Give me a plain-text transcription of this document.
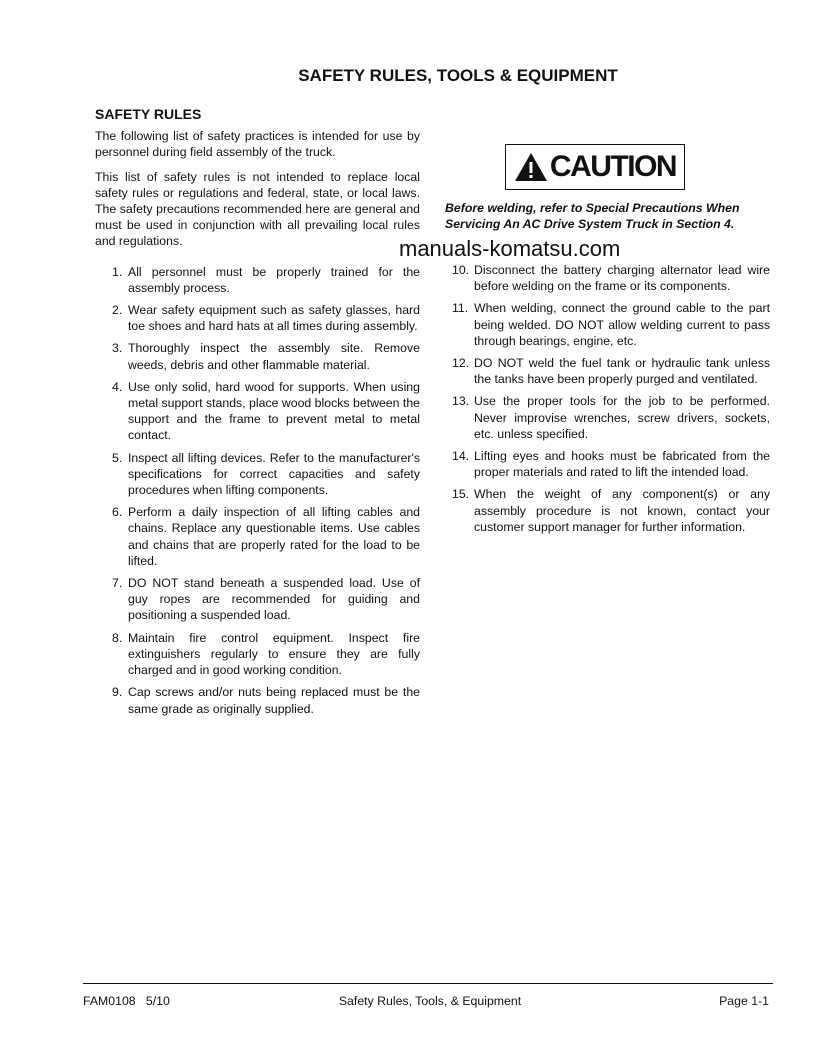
SAFETY RULES, TOOLS & EQUIPMENT
SAFETY RULES

The following list of safety practices is intended for use by personnel during field assembly of the truck.

This list of safety rules is not intended to replace local safety rules or regulations and federal, state, or local laws. The safety precautions recommended here are general and must be used in conjunction with all prevailing local rules and regulations.

1. All personnel must be properly trained for the assembly process.
2. Wear safety equipment such as safety glasses, hard toe shoes and hard hats at all times during assembly.
3. Thoroughly inspect the assembly site. Remove weeds, debris and other flammable material.
4. Use only solid, hard wood for supports. When using metal support stands, place wood blocks between the support and the frame to prevent metal to metal contact.
5. Inspect all lifting devices. Refer to the manufacturer's specifications for correct capacities and safety procedures when lifting components.
6. Perform a daily inspection of all lifting cables and chains. Replace any questionable items. Use cables and chains that are properly rated for the load to be lifted.
7. DO NOT stand beneath a suspended load. Use of guy ropes are recommended for guiding and positioning a suspended load.
8. Maintain fire control equipment. Inspect fire extinguishers regularly to ensure they are fully charged and in good working condition.
9. Cap screws and/or nuts being replaced must be the same grade as originally supplied.
CAUTION
Before welding, refer to Special Precautions When Servicing An AC Drive System Truck in Section 4.
manuals-komatsu.com
10. Disconnect the battery charging alternator lead wire before welding on the frame or its components.
11. When welding, connect the ground cable to the part being welded. DO NOT allow welding current to pass through bearings, engine, etc.
12. DO NOT weld the fuel tank or hydraulic tank unless the tanks have been properly purged and ventilated.
13. Use the proper tools for the job to be performed. Never improvise wrenches, screw drivers, sockets, etc. unless specified.
14. Lifting eyes and hooks must be fabricated from the proper materials and rated to lift the intended load.
15. When the weight of any component(s) or any assembly procedure is not known, contact your customer support manager for further information.
FAM0108   5/10	Safety Rules, Tools, & Equipment	Page 1-1
